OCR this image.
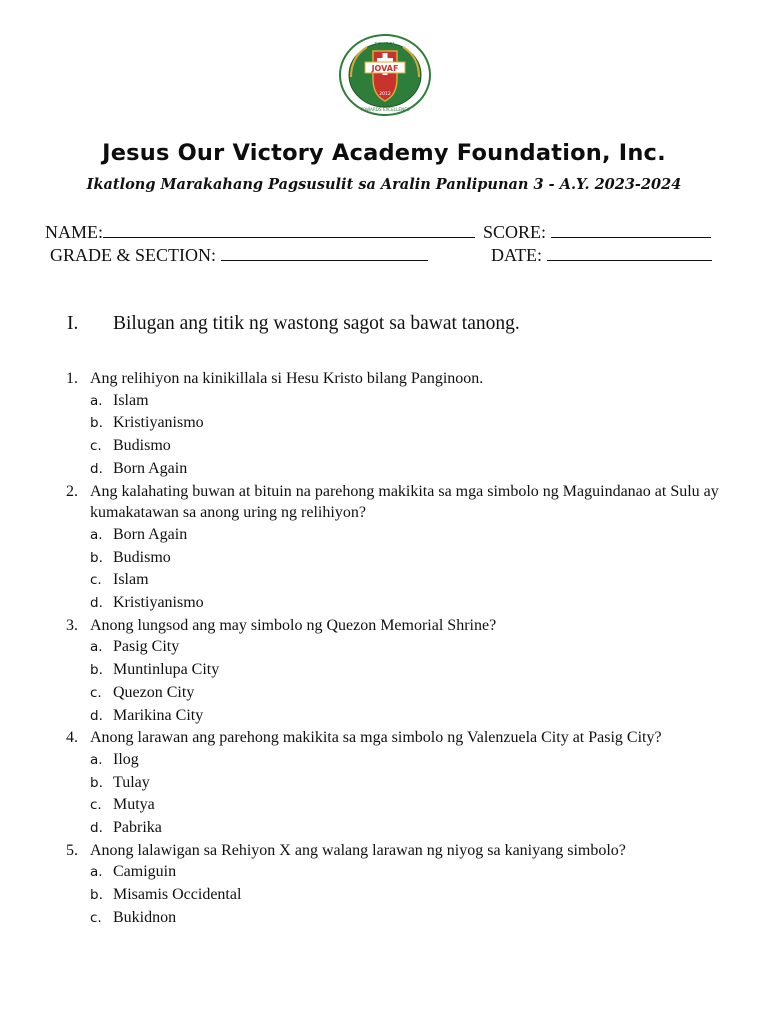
JOVAF
SCHOOL
2012
TOWARDS EXCELLENCE
Jesus Our Victory Academy Foundation, Inc.
Ikatlong Marakahang Pagsusulit sa Aralin Panlipunan 3 - A.Y. 2023-2024
NAME:	SCORE:
GRADE & SECTION:	DATE:
I. Bilugan ang titik ng wastong sagot sa bawat tanong.
1. Ang relihiyon na kinikillala si Hesu Kristo bilang Panginoon.
a. Islam
b. Kristiyanismo
c. Budismo
d. Born Again
2. Ang kalahating buwan at bituin na parehong makikita sa mga simbolo ng Maguindanao at Sulu ay kumakatawan sa anong uring ng relihiyon?
a. Born Again
b. Budismo
c. Islam
d. Kristiyanismo
3. Anong lungsod ang may simbolo ng Quezon Memorial Shrine?
a. Pasig City
b. Muntinlupa City
c. Quezon City
d. Marikina City
4. Anong larawan ang parehong makikita sa mga simbolo ng Valenzuela City at Pasig City?
a. Ilog
b. Tulay
c. Mutya
d. Pabrika
5. Anong lalawigan sa Rehiyon X ang walang larawan ng niyog sa kaniyang simbolo?
a. Camiguin
b. Misamis Occidental
c. Bukidnon
